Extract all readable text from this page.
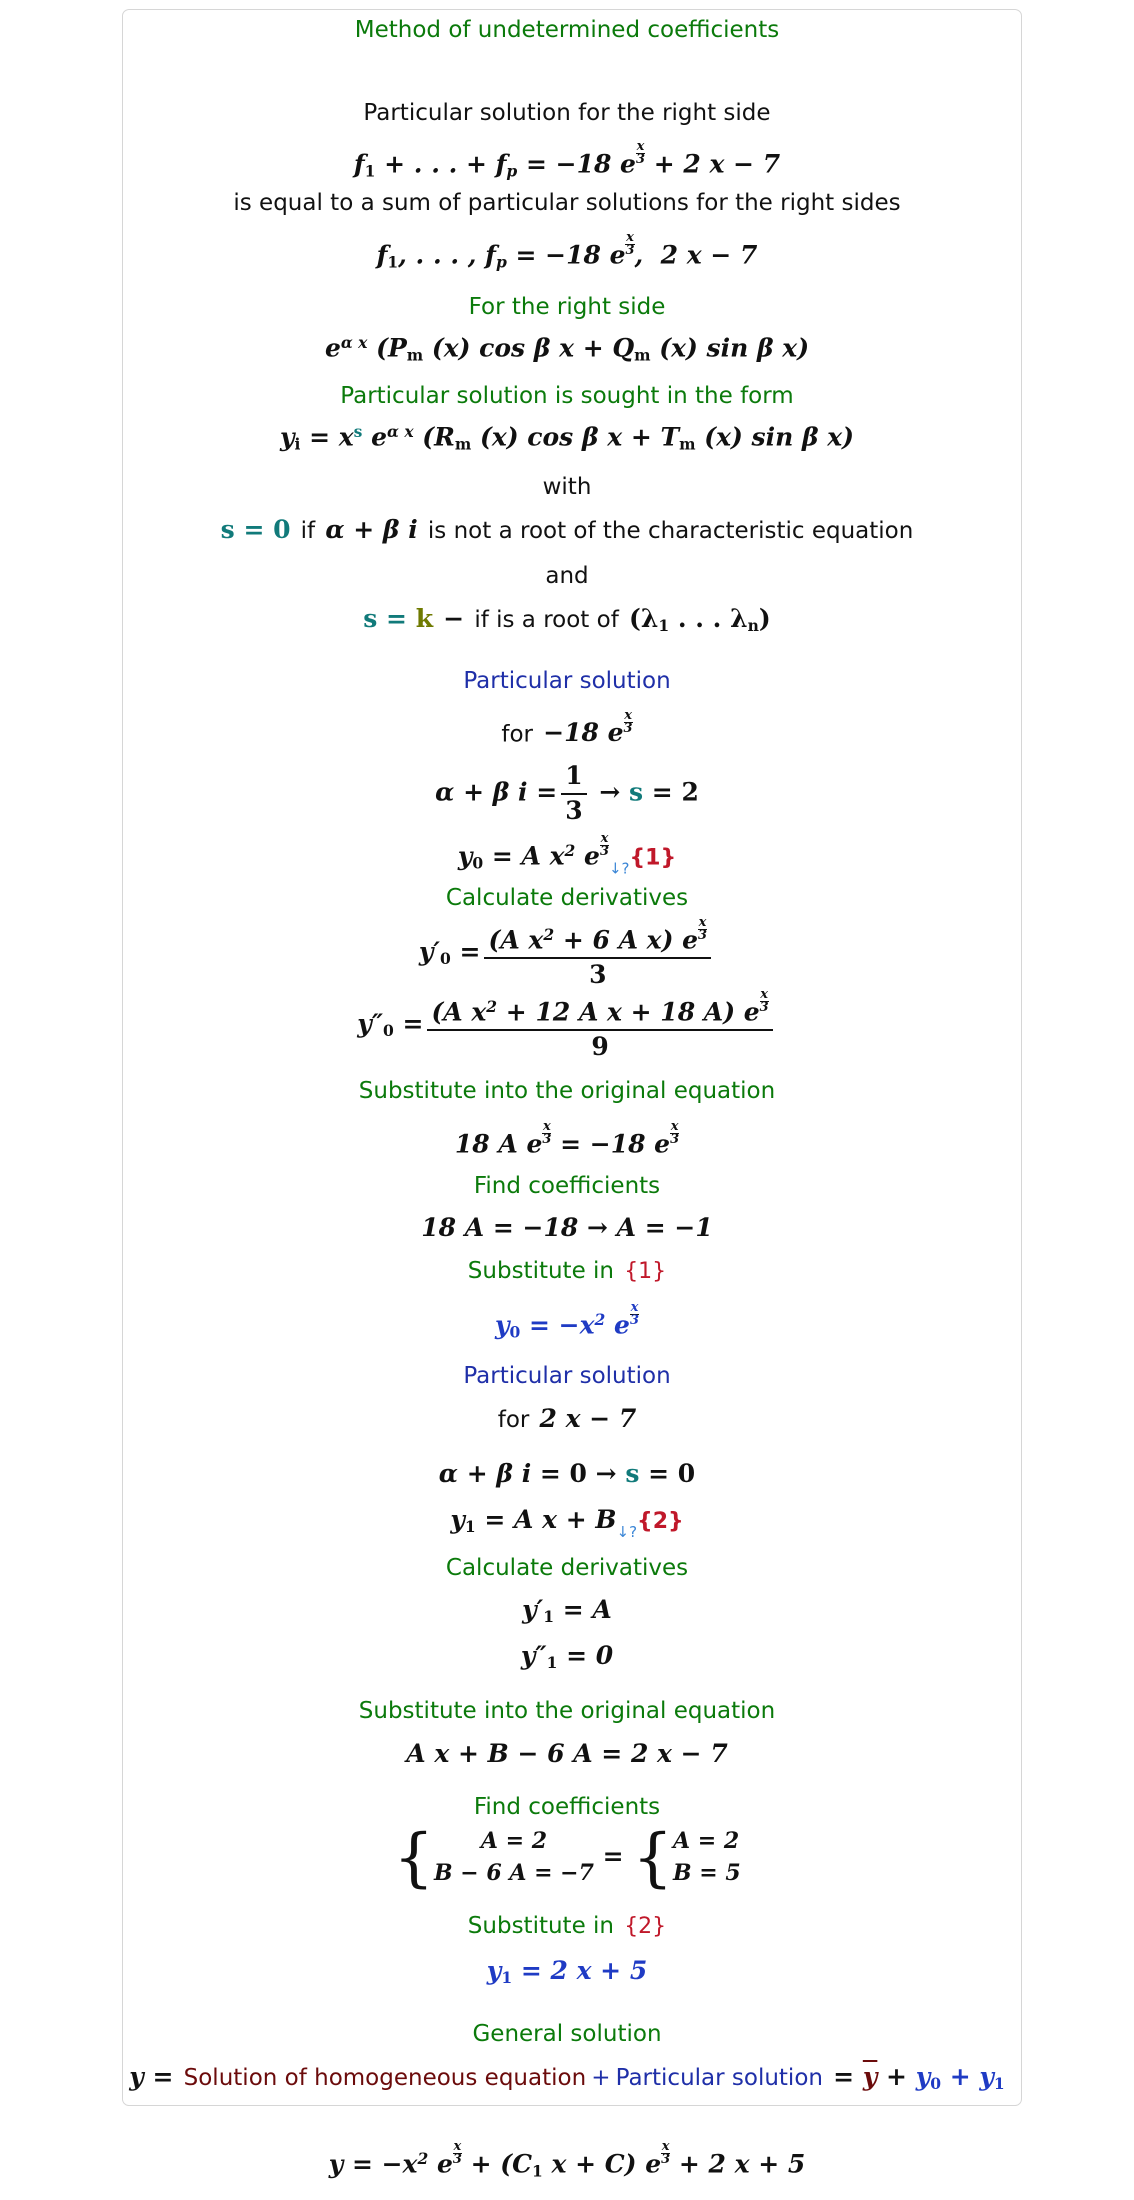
Method of undetermined coefficients
Particular solution for the right side
$f_1$ + . . . + $f_p = -18$ e $\frac{x}{3} + 2$ x − 7
is equal to a sum of particular solutions for the right sides
$f_1$, . . . , $f_p = -18$ e $\frac{x}{3}$ ,  2 x − 7
For the right side
$e^{\alpha x}$ ($P_m$ (x) cos β $x + Q_m$ (x) sin β x)
Particular solution is sought in the form
$y_i = x^s$ $e^{\alpha x}$ ($R_m$ (x) cos β $x + T_m$ (x) sin β x)
with
s = 0 if α + β i is not a root of the characteristic equation
and
s = k − if is a root of ($\lambda_1$ . . . $\lambda_n$)
Particular solution
for −18 e $\frac{x}{3}$
α + β $i = \frac{1}{3} \to s = 2$
$y_0 = A$ $x^2$ e $\frac{x}{3}$
$_{↓?}${1}
Calculate derivatives
$y'_0 = \frac{(A x^2 + 6 A x) e \frac{x}{3}}{3}$
$y''_0 = \frac{(A x^2 + 12 A x + 18 A) e \frac{x}{3}}{9}$
Substitute into the original equation
18 A e $\frac{x}{3} = -18$ e $\frac{x}{3}$
Find coefficients
18 A = −18 → A = −1
Substitute in {1}
$y_0 = -x^2$ e $\frac{x}{3}$
Particular solution
for 2 x − 7
α + β i = 0 → s = 0
$y_1 = A$ $x + B_{↓?}\{2\}$
Calculate derivatives
$y'_1 = A$
$y''_1 = 0$
Substitute into the original equation
A x + B − 6 A = 2 x − 7
Find coefficients
{	A = 2
B − 6 A = −7
= { A = 2
B = 5
Substitute in {2}
$y_1 = 2$ x + 5
General solution
y = Solution of homogeneous equation + Particular solution = $\overline{y} + y_0 + y_1$
$y = -x^2$ e $\frac{x}{3} + (C_1$ x + C) e $\frac{x}{3} + 2$ x + 5
